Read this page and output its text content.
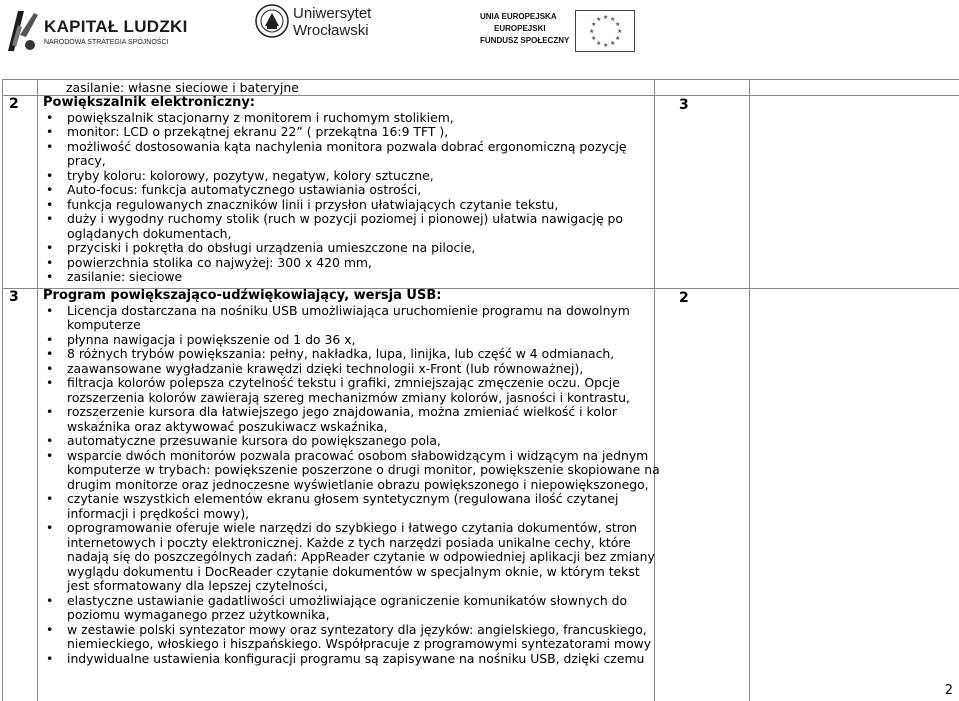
KAPITAŁ LUDZKI
NARODOWA STRATEGIA SPÓJNOŚCI
Uniwersytet
Wrocławski
UNIA EUROPEJSKA
EUROPEJSKI
FUNDUSZ SPOŁECZNY
★ ★
★
★
★
★
★
★
★
★
★
★
zasilanie: własne sieciowe i bateryjne
2	3
Powiększalnik elektroniczny:
• powiększalnik stacjonarny z monitorem i ruchomym stolikiem,
• monitor: LCD o przekątnej ekranu 22” ( przekątna 16:9 TFT ),
• możliwość dostosowania kąta nachylenia monitora pozwala dobrać ergonomiczną pozycję
pracy,
• tryby koloru: kolorowy, pozytyw, negatyw, kolory sztuczne,
• Auto-focus: funkcja automatycznego ustawiania ostrości,
• funkcja regulowanych znaczników linii i przysłon ułatwiających czytanie tekstu,
• duży i wygodny ruchomy stolik (ruch w pozycji poziomej i pionowej) ułatwia nawigację po
oglądanych dokumentach,
• przyciski i pokrętła do obsługi urządzenia umieszczone na pilocie,
• powierzchnia stolika co najwyżej: 300 x 420 mm,
• zasilanie: sieciowe
3	2
Program powiększająco-udźwiękowiający, wersja USB:
• Licencja dostarczana na nośniku USB umożliwiająca uruchomienie programu na dowolnym
komputerze
• płynna nawigacja i powiększenie od 1 do 36 x,
• 8 różnych trybów powiększania: pełny, nakładka, lupa, linijka, lub część w 4 odmianach,
• zaawansowane wygładzanie krawędzi dzięki technologii x-Front (lub równoważnej),
• filtracja kolorów polepsza czytelność tekstu i grafiki, zmniejszając zmęczenie oczu. Opcje
rozszerzenia kolorów zawierają szereg mechanizmów zmiany kolorów, jasności i kontrastu,
• rozszerzenie kursora dla łatwiejszego jego znajdowania, można zmieniać wielkość i kolor
wskaźnika oraz aktywować poszukiwacz wskaźnika,
• automatyczne przesuwanie kursora do powiększanego pola,
• wsparcie dwóch monitorów pozwala pracować osobom słabowidzącym i widzącym na jednym
komputerze w trybach: powiększenie poszerzone o drugi monitor, powiększenie skopiowane na
drugim monitorze oraz jednoczesne wyświetlanie obrazu powiększonego i niepowiększonego,
• czytanie wszystkich elementów ekranu głosem syntetycznym (regulowana ilość czytanej
informacji i prędkości mowy),
• oprogramowanie oferuje wiele narzędzi do szybkiego i łatwego czytania dokumentów, stron
internetowych i poczty elektronicznej. Każde z tych narzędzi posiada unikalne cechy, które
nadają się do poszczególnych zadań: AppReader czytanie w odpowiedniej aplikacji bez zmiany
wyglądu dokumentu i DocReader czytanie dokumentów w specjalnym oknie, w którym tekst
jest sformatowany dla lepszej czytelności,
• elastyczne ustawianie gadatliwości umożliwiające ograniczenie komunikatów słownych do
poziomu wymaganego przez użytkownika,
• w zestawie polski syntezator mowy oraz syntezatory dla języków: angielskiego, francuskiego,
niemieckiego, włoskiego i hiszpańskiego. Współpracuje z programowymi syntezatorami mowy
• indywidualne ustawienia konfiguracji programu są zapisywane na nośniku USB, dzięki czemu
2
